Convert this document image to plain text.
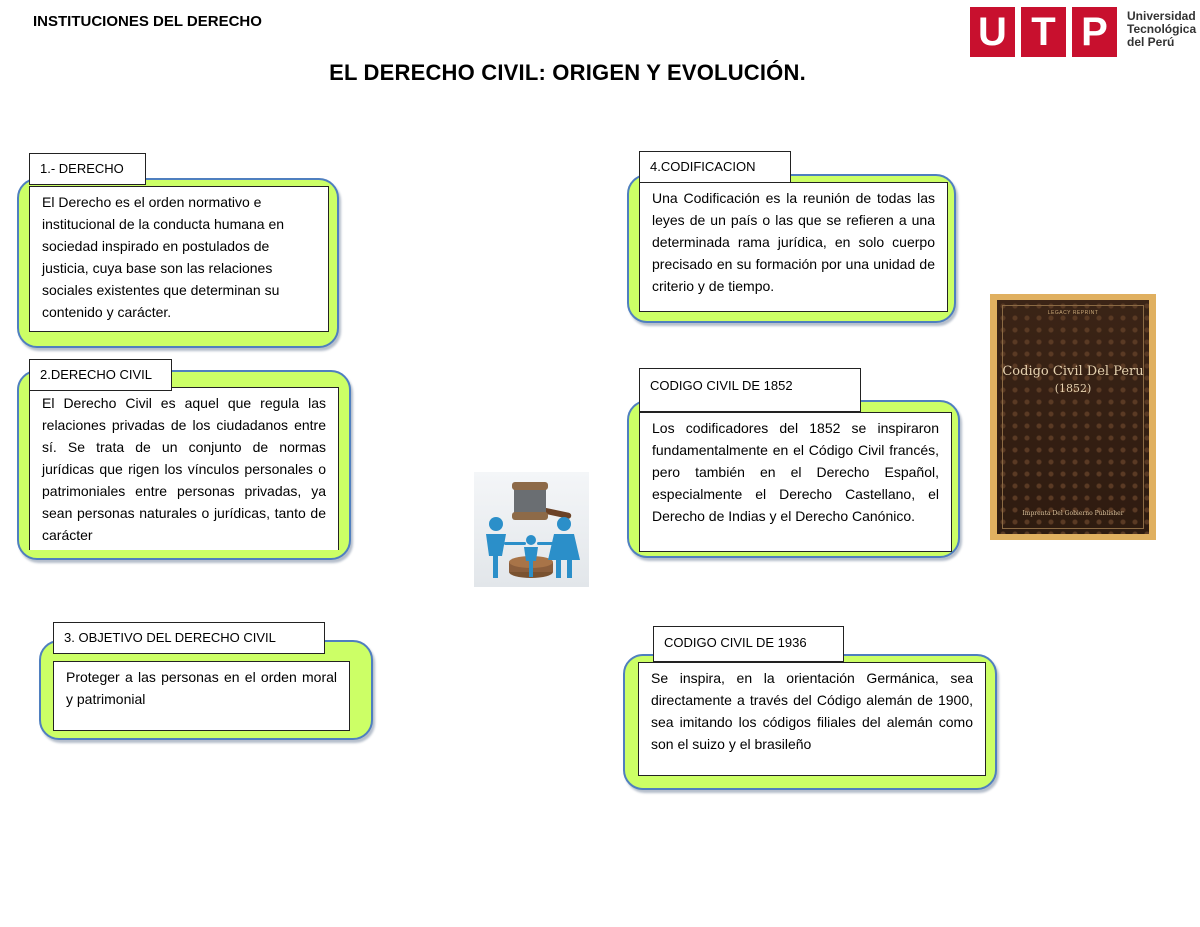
INSTITUCIONES DEL DERECHO
EL DERECHO CIVIL: ORIGEN Y EVOLUCIÓN.
U T P	Universidad
Tecnológica
del Perú
El Derecho es el orden normativo e institucional de la conducta humana en sociedad inspirado en postulados de justicia, cuya base son las relaciones sociales existentes que determinan su contenido y carácter.
1.- DERECHO
El Derecho Civil es aquel que regula las relaciones privadas de los ciudadanos entre sí. Se trata de un conjunto de normas jurídicas que rigen los vínculos personales o patrimoniales entre personas privadas, ya sean personas naturales o jurídicas, tanto de carácter
2.DERECHO CIVIL
Proteger a las personas en el orden moral y patrimonial
3. OBJETIVO DEL DERECHO CIVIL
Una Codificación es la reunión de todas las leyes de un país o las que se refieren a una determinada rama jurídica, en solo cuerpo precisado en su formación por una unidad de criterio y de tiempo.
4.CODIFICACION
Los codificadores del 1852 se inspiraron fundamentalmente en el Código Civil francés, pero también en el Derecho Español, especialmente el Derecho Castellano, el Derecho de Indias y el Derecho Canónico.
CODIGO CIVIL DE 1852
Se inspira, en la orientación Germánica, sea directamente a través del Código alemán de 1900, sea imitando los códigos filiales del alemán como son el suizo y el brasileño
CODIGO CIVIL DE 1936
LEGACY REPRINT
Codigo Civil Del Peru
(1852)
Imprenta Del Gobierno Publisher
